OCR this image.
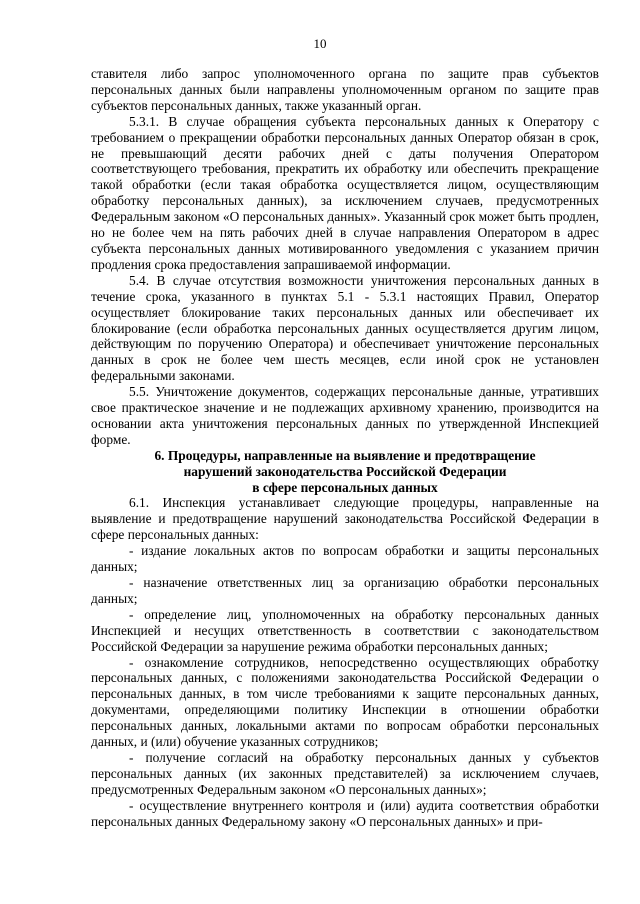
10

ставителя либо запрос уполномоченного органа по защите прав субъектов персональных данных были направлены уполномоченным органом по защите прав субъектов персональных данных, также указанный орган.

5.3.1. В случае обращения субъекта персональных данных к Оператору с требованием о прекращении обработки персональных данных Оператор обязан в срок, не превышающий десяти рабочих дней с даты получения Оператором соответствующего требования, прекратить их обработку или обеспечить прекращение такой обработки (если такая обработка осуществляется лицом, осуществляющим обработку персональных данных), за исключением случаев, предусмотренных Федеральным законом «О персональных данных». Указанный срок может быть продлен, но не более чем на пять рабочих дней в случае направления Оператором в адрес субъекта персональных данных мотивированного уведомления с указанием причин продления срока предоставления запрашиваемой информации.

5.4. В случае отсутствия возможности уничтожения персональных данных в течение срока, указанного в пунктах 5.1 - 5.3.1 настоящих Правил, Оператор осуществляет блокирование таких персональных данных или обеспечивает их блокирование (если обработка персональных данных осуществляется другим лицом, действующим по поручению Оператора) и обеспечивает уничтожение персональных данных в срок не более чем шесть месяцев, если иной срок не установлен федеральными законами.

5.5. Уничтожение документов, содержащих персональные данные, утративших свое практическое значение и не подлежащих архивному хранению, производится на основании акта уничтожения персональных данных по утвержденной Инспекцией форме.

6. Процедуры, направленные на выявление и предотвращение
нарушений законодательства Российской Федерации
в сфере персональных данных

6.1. Инспекция устанавливает следующие процедуры, направленные на выявление и предотвращение нарушений законодательства Российской Федерации в сфере персональных данных:

- издание локальных актов по вопросам обработки и защиты персональных данных;

- назначение ответственных лиц за организацию обработки персональных данных;

- определение лиц, уполномоченных на обработку персональных данных Инспекцией и несущих ответственность в соответствии с законодательством Российской Федерации за нарушение режима обработки персональных данных;

- ознакомление сотрудников, непосредственно осуществляющих обработку персональных данных, с положениями законодательства Российской Федерации о персональных данных, в том числе требованиями к защите персональных данных, документами, определяющими политику Инспекции в отношении обработки персональных данных, локальными актами по вопросам обработки персональных данных, и (или) обучение указанных сотрудников;

- получение согласий на обработку персональных данных у субъектов персональных данных (их законных представителей) за исключением случаев, предусмотренных Федеральным законом «О персональных данных»;

- осуществление внутреннего контроля и (или) аудита соответствия обработки персональных данных Федеральному закону «О персональных данных» и при-
